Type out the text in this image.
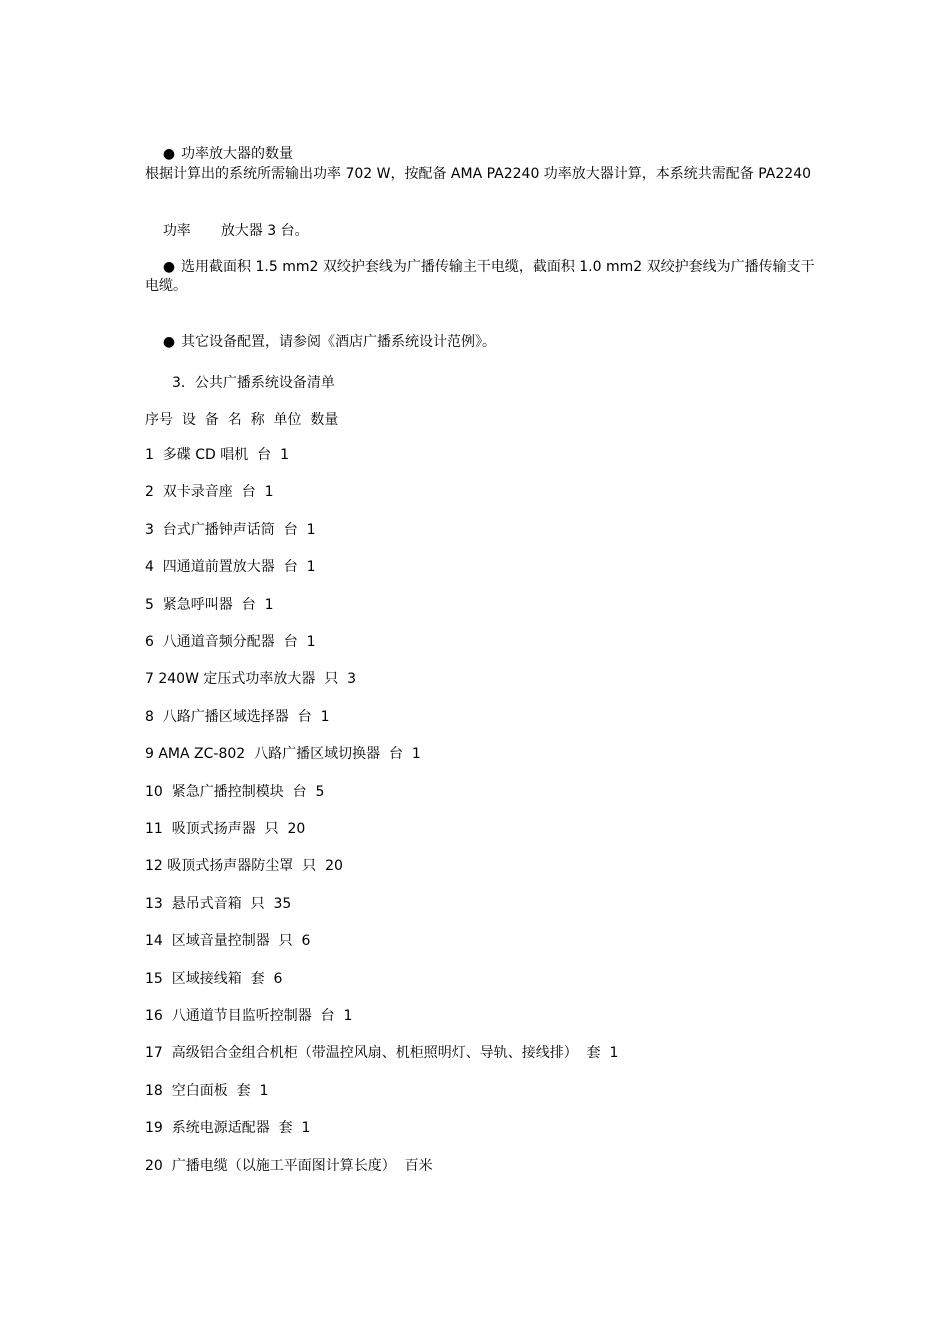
● 功率放大器的数量

根据计算出的系统所需输出功率 702 W，按配备 AMA PA2240 功率放大器计算，本系统共需配备 PA2240

功率 放大器 3 台。

● 选用截面积 1.5 mm2 双绞护套线为广播传输主干电缆，截面积 1.0 mm2 双绞护套线为广播传输支干

电缆。

● 其它设备配置，请参阅《酒店广播系统设计范例》。

3．公共广播系统设备清单
序号  设  备  名  称  单位  数量
1  多碟 CD 唱机  台  1
2  双卡录音座  台  1
3  台式广播钟声话筒  台  1
4  四通道前置放大器  台  1
5  紧急呼叫器  台  1
6  八通道音频分配器  台  1
7 240W 定压式功率放大器  只  3
8  八路广播区域选择器  台  1
9 AMA ZC-802  八路广播区域切换器  台  1
10  紧急广播控制模块  台  5
11  吸顶式扬声器  只  20
12 吸顶式扬声器防尘罩  只  20
13  悬吊式音箱  只  35
14  区域音量控制器  只  6
15  区域接线箱  套  6
16  八通道节目监听控制器  台  1
17  高级铝合金组合机柜（带温控风扇、机柜照明灯、导轨、接线排）  套  1
18  空白面板  套  1
19  系统电源适配器  套  1
20  广播电缆（以施工平面图计算长度）  百米
